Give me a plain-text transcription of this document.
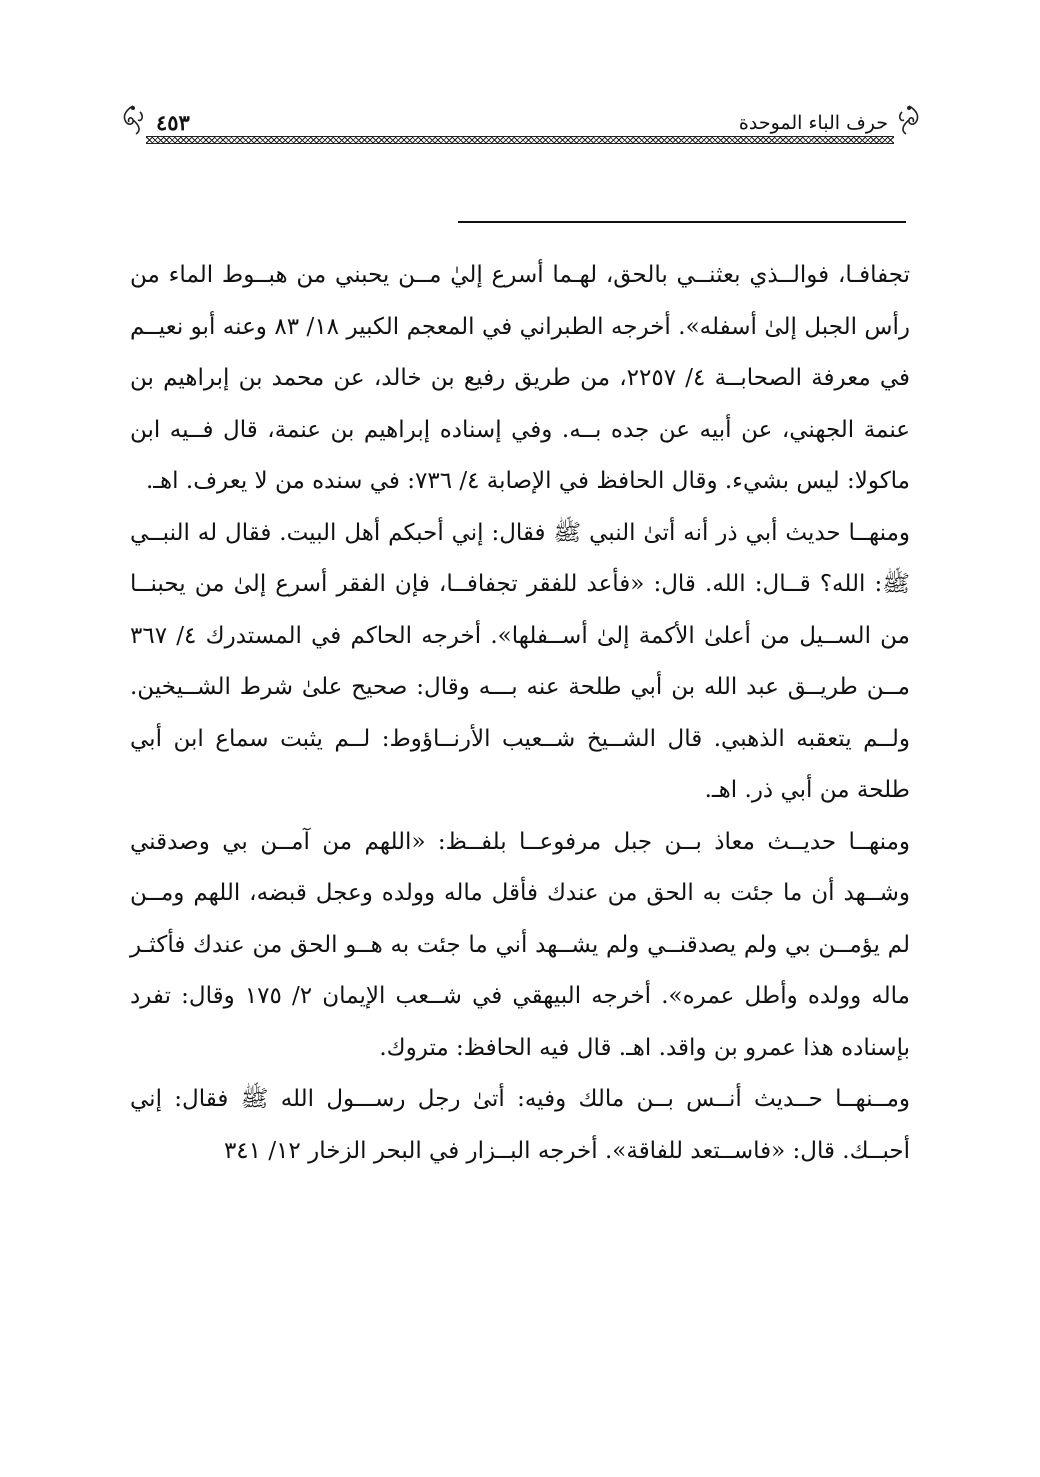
حرف الباء الموحدة
٤٥٣

تجفافـا، فوالــذي بعثنــي بالحق، لهـما أسرع إليٰ مــن يحبني من هبــوط الماء من رأس الجبل إلىٰ أسفله». أخرجه الطبراني في المعجم الكبير ١٨/ ٨٣ وعنه أبو نعيــم في معرفة الصحابــة ٤/ ٢٢٥٧، من طريق رفيع بن خالد، عن محمد بن إبراهيم بن عنمة الجهني، عن أبيه عن جده بــه. وفي إسناده إبراهيم بن عنمة، قال فــيه ابن ماكولا: ليس بشيء. وقال الحافظ في الإصابة ٤/ ٧٣٦: في سنده من لا يعرف. اهـ.

ومنهــا حديث أبي ذر أنه أتىٰ النبي ﷺ فقال: إني أحبكم أهل البيت. فقال له النبــي ﷺ: الله؟ قــال: الله. قال: «فأعد للفقر تجفافــا، فإن الفقر أسرع إلىٰ من يحبنــا من الســيل من أعلىٰ الأكمة إلىٰ أســفلها». أخرجه الحاكم في المستدرك ٤/ ٣٦٧ مــن طريــق عبد الله بن أبي طلحة عنه بـــه وقال: صحيح علىٰ شرط الشــيخين. ولــم يتعقبه الذهبي. قال الشــيخ شــعيب الأرنــاؤوط: لــم يثبت سماع ابن أبي طلحة من أبي ذر. اهـ.

ومنهــا حديــث معاذ بــن جبل مرفوعــا بلفــظ: «اللهم من آمــن بي وصدقني وشــهد أن ما جئت به الحق من عندك فأقل ماله وولده وعجل قبضه، اللهم ومــن لم يؤمــن بي ولم يصدقنــي ولم يشــهد أني ما جئت به هــو الحق من عندك فأكثـر ماله وولده وأطل عمره». أخرجه البيهقي في شــعب الإيمان ٢/ ١٧٥ وقال: تفرد بإسناده هذا عمرو بن واقد. اهـ. قال فيه الحافظ: متروك.

ومــنهــا حــديث أنــس بــن مالك وفيه: أتىٰ رجل رســـول الله ﷺ فقال: إني أحبــك. قال: «فاســتعد للفاقة». أخرجه البــزار في البحر الزخار ١٢/ ٣٤١
